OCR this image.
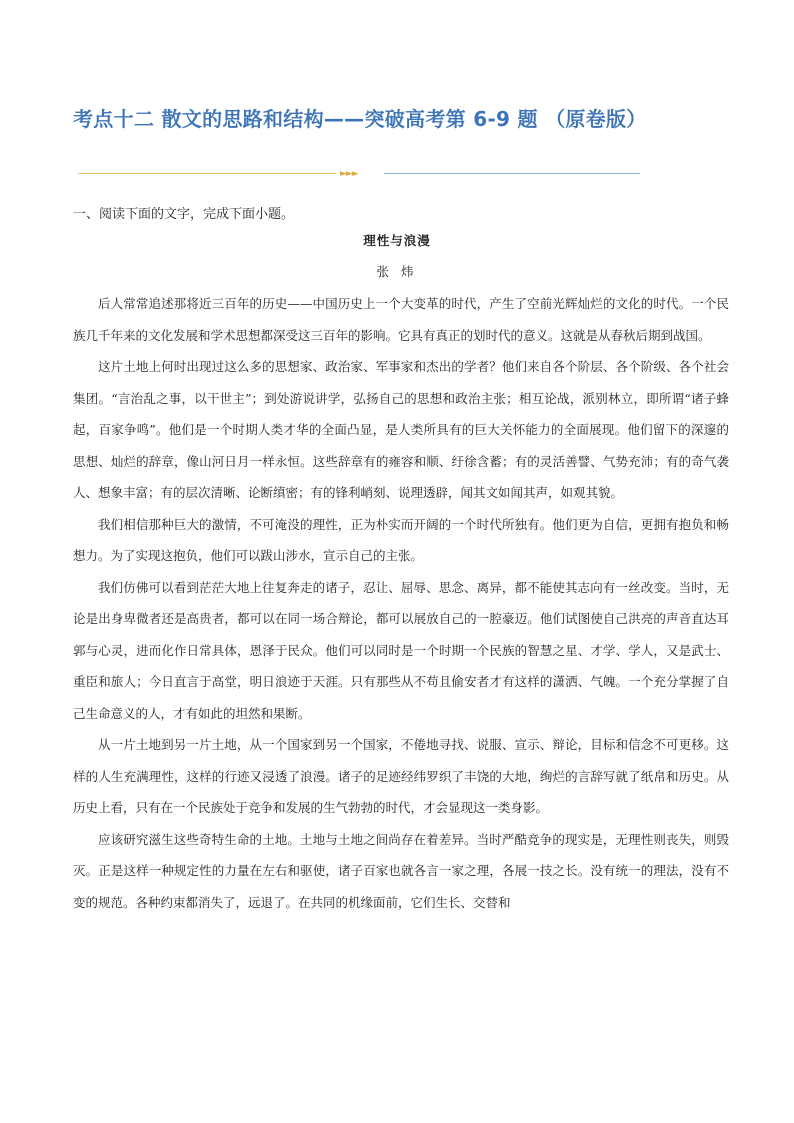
考点十二 散文的思路和结构——突破高考第 6-9 题 （原卷版）
►►►
一、阅读下面的文字，完成下面小题。
理性与浪漫
张 炜

后人常常追述那将近三百年的历史——中国历史上一个大变革的时代，产生了空前光辉灿烂的文化的时代。一个民族几千年来的文化发展和学术思想都深受这三百年的影响。它具有真正的划时代的意义。这就是从春秋后期到战国。

这片土地上何时出现过这么多的思想家、政治家、军事家和杰出的学者？他们来自各个阶层、各个阶级、各个社会集团。“言治乱之事，以干世主”；到处游说讲学，弘扬自己的思想和政治主张；相互论战，派别林立，即所谓“诸子蜂起，百家争鸣”。他们是一个时期人类才华的全面凸显，是人类所具有的巨大关怀能力的全面展现。他们留下的深邃的思想、灿烂的辞章，像山河日月一样永恒。这些辞章有的雍容和顺、纡徐含蓄；有的灵活善譬、气势充沛；有的奇气袭人、想象丰富；有的层次清晰、论断缜密；有的锋利峭刻、说理透辟，闻其文如闻其声，如观其貌。

我们相信那种巨大的激情，不可淹没的理性，正为朴实而开阔的一个时代所独有。他们更为自信，更拥有抱负和畅想力。为了实现这抱负，他们可以跋山涉水，宣示自己的主张。

我们仿佛可以看到茫茫大地上往复奔走的诸子，忍让、屈辱、思念、离异，都不能使其志向有一丝改变。当时，无论是出身卑微者还是高贵者，都可以在同一场合辩论，都可以展放自己的一腔豪迈。他们试图使自己洪亮的声音直达耳郭与心灵，进而化作日常具体，恩泽于民众。他们可以同时是一个时期一个民族的智慧之星、才学、学人，又是武士、重臣和旅人；今日直言于高堂，明日浪迹于天涯。只有那些从不苟且偷安者才有这样的潇洒、气魄。一个充分掌握了自己生命意义的人，才有如此的坦然和果断。

从一片土地到另一片土地，从一个国家到另一个国家，不倦地寻找、说服、宣示、辩论，目标和信念不可更移。这样的人生充满理性，这样的行迹又浸透了浪漫。诸子的足迹经纬罗织了丰饶的大地，绚烂的言辞写就了纸帛和历史。从历史上看，只有在一个民族处于竞争和发展的生气勃勃的时代，才会显现这一类身影。

应该研究滋生这些奇特生命的土地。土地与土地之间尚存在着差异。当时严酷竞争的现实是，无理性则丧失，则毁灭。正是这样一种规定性的力量在左右和驱使，诸子百家也就各言一家之理，各展一技之长。没有统一的理法，没有不变的规范。各种约束都消失了，远退了。在共同的机缘面前，它们生长、交替和
